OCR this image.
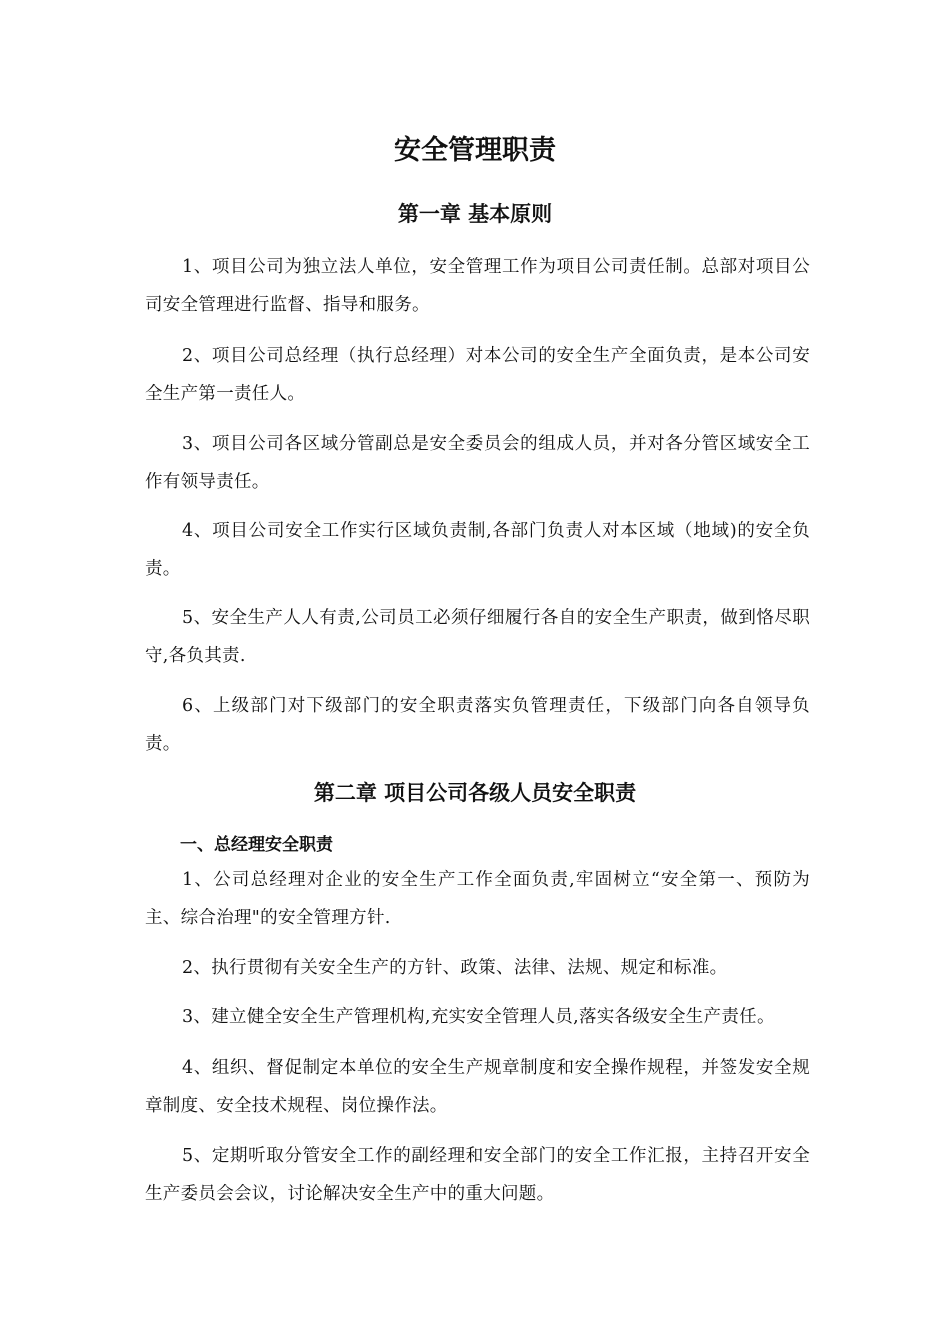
安全管理职责
第一章 基本原则

1、项目公司为独立法人单位，安全管理工作为项目公司责任制。总部对项目公司安全管理进行监督、指导和服务。

2、项目公司总经理（执行总经理）对本公司的安全生产全面负责，是本公司安全生产第一责任人。

3、项目公司各区域分管副总是安全委员会的组成人员，并对各分管区域安全工作有领导责任。

4、项目公司安全工作实行区域负责制,各部门负责人对本区域（地域)的安全负责。

5、安全生产人人有责,公司员工必须仔细履行各自的安全生产职责，做到恪尽职守,各负其责.

6、上级部门对下级部门的安全职责落实负管理责任，下级部门向各自领导负责。

第二章 项目公司各级人员安全职责
一、总经理安全职责

1、公司总经理对企业的安全生产工作全面负责,牢固树立“安全第一、预防为主、综合治理"的安全管理方针.

2、执行贯彻有关安全生产的方针、政策、法律、法规、规定和标准。

3、建立健全安全生产管理机构,充实安全管理人员,落实各级安全生产责任。

4、组织、督促制定本单位的安全生产规章制度和安全操作规程，并签发安全规章制度、安全技术规程、岗位操作法。

5、定期听取分管安全工作的副经理和安全部门的安全工作汇报，主持召开安全生产委员会会议，讨论解决安全生产中的重大问题。
